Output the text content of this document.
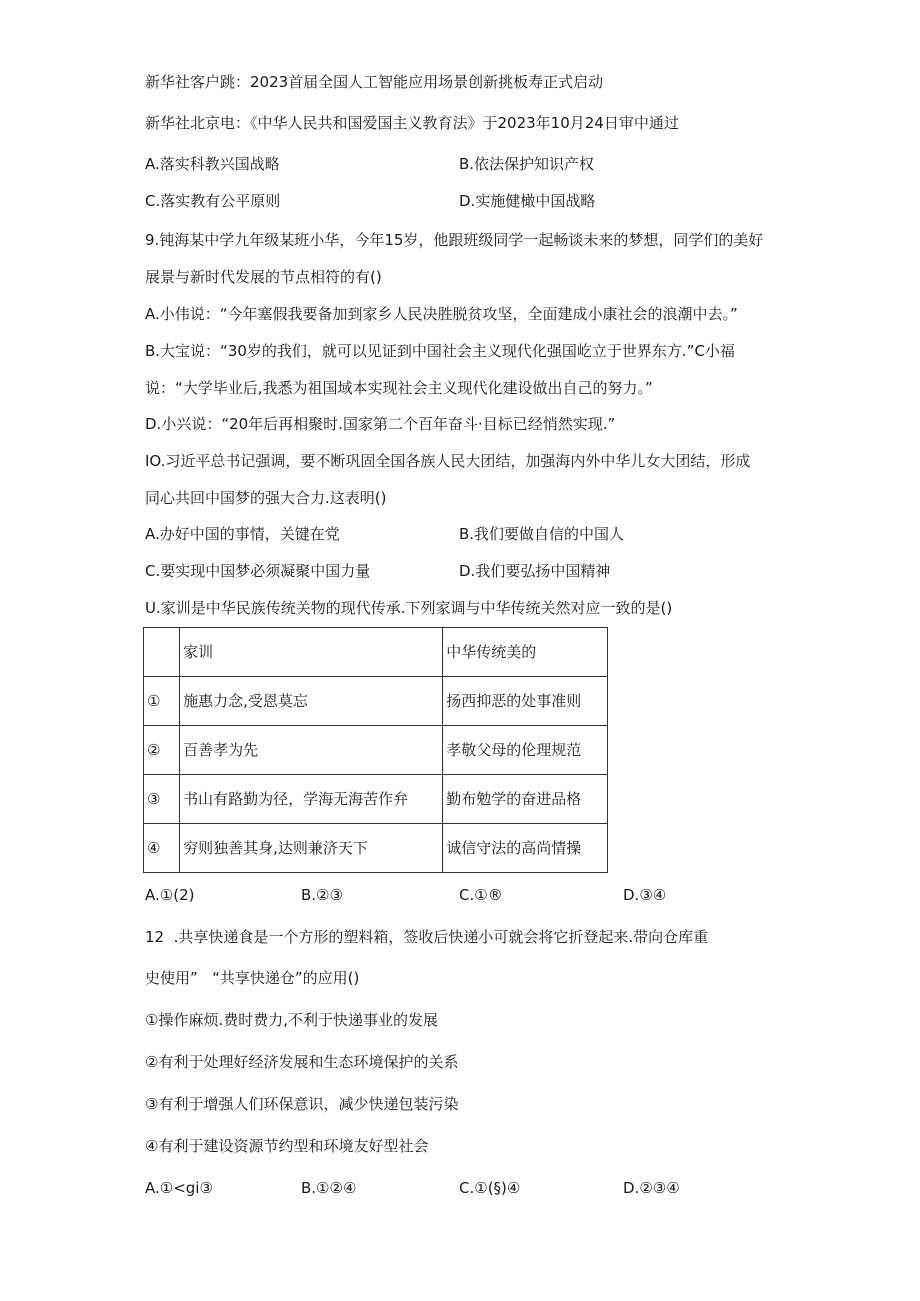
新华社客户跳：2023首届全国人工智能应用场景创新挑板寿正式启动
新华社北京电：《中华人民共和国爱国主义教育法》于2023年10月24日审中通过
A.落实科教兴国战略	B.依法保护知识产权
C.落实教有公平原则	D.实施健橄中国战略
9.钝海某中学九年级某班小华，今年15岁，他跟班级同学一起畅谈未来的梦想，同学们的美好
展景与新时代发展的节点相符的有()
A.小伟说：“今年塞假我要备加到家乡人民决胜脱贫攻坚，全面建成小康社会的浪潮中去。”
B.大宝说：“30岁的我们，就可以见证到中国社会主义现代化强国屹立于世界东方.”C小福
说：“大学毕业后,我悉为祖国域本实现社会主义现代化建设做出自己的努力。”
D.小兴说：“20年后再相聚时.国家第二个百年奋斗·目标已经悄然实现.”
IO.习近平总书记强调，要不断巩固全国各族人民大团结，加强海内外中华儿女大团结，形成
同心共回中国梦的强大合力.这表明()
A.办好中国的事情，关键在党	B.我们要做自信的中国人
C.要实现中国梦必须凝聚中国力量	D.我们要弘扬中国精神
U.家训是中华民族传统关物的现代传承.下列家调与中华传统关然对应一致的是()
	家训	中华传统美的
①	施惠力念,受恩莫忘	扬西抑恶的处事准则
②	百善孝为先	孝敬父母的伦理规范
③	书山有路勤为径，学海无海苦作弁	勤布勉学的奋进品格
④	穷则独善其身,达则兼济天下	诚信守法的高尚情操
A.①(2)	B.②③	C.①®	D.③④
12  .共享快递食是一个方形的塑料箱，签收后快递小可就会将它折登起来.带向仓库重
史使用”   “共享快递仓”的应用()
①操作麻烦.费时费力,不利于快递事业的发展
②有利于处理好经济发展和生态环境保护的关系
③有利于增强人们环保意识，减少快递包装污染
④有利于建设资源节约型和环境友好型社会
A.①<gi③	B.①②④	C.①(§)④	D.②③④
